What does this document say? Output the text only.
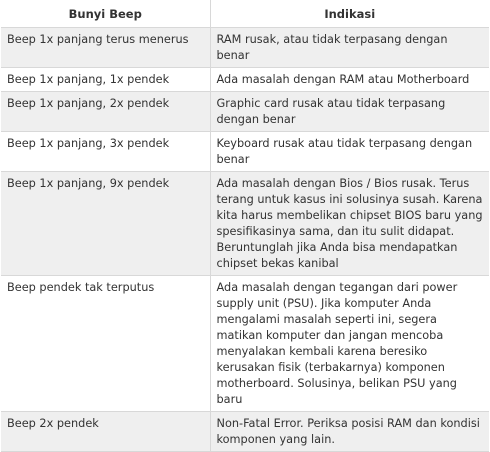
Bunyi Beep	Indikasi
Beep 1x panjang terus menerus	RAM rusak, atau tidak terpasang dengan benar
Beep 1x panjang, 1x pendek	Ada masalah dengan RAM atau Motherboard
Beep 1x panjang, 2x pendek	Graphic card rusak atau tidak terpasang dengan benar
Beep 1x panjang, 3x pendek	Keyboard rusak atau tidak terpasang dengan benar
Beep 1x panjang, 9x pendek	Ada masalah dengan Bios / Bios rusak. Terus terang untuk kasus ini solusinya susah. Karena kita harus membelikan chipset BIOS baru yang spesifikasinya sama, dan itu sulit didapat. Beruntunglah jika Anda bisa mendapatkan chipset bekas kanibal
Beep pendek tak terputus	Ada masalah dengan tegangan dari power supply unit (PSU). Jika komputer Anda mengalami masalah seperti ini, segera matikan komputer dan jangan mencoba menyalakan kembali karena beresiko kerusakan fisik (terbakarnya) komponen motherboard. Solusinya, belikan PSU yang baru
Beep 2x pendek	Non-Fatal Error. Periksa posisi RAM dan kondisi komponen yang lain.
